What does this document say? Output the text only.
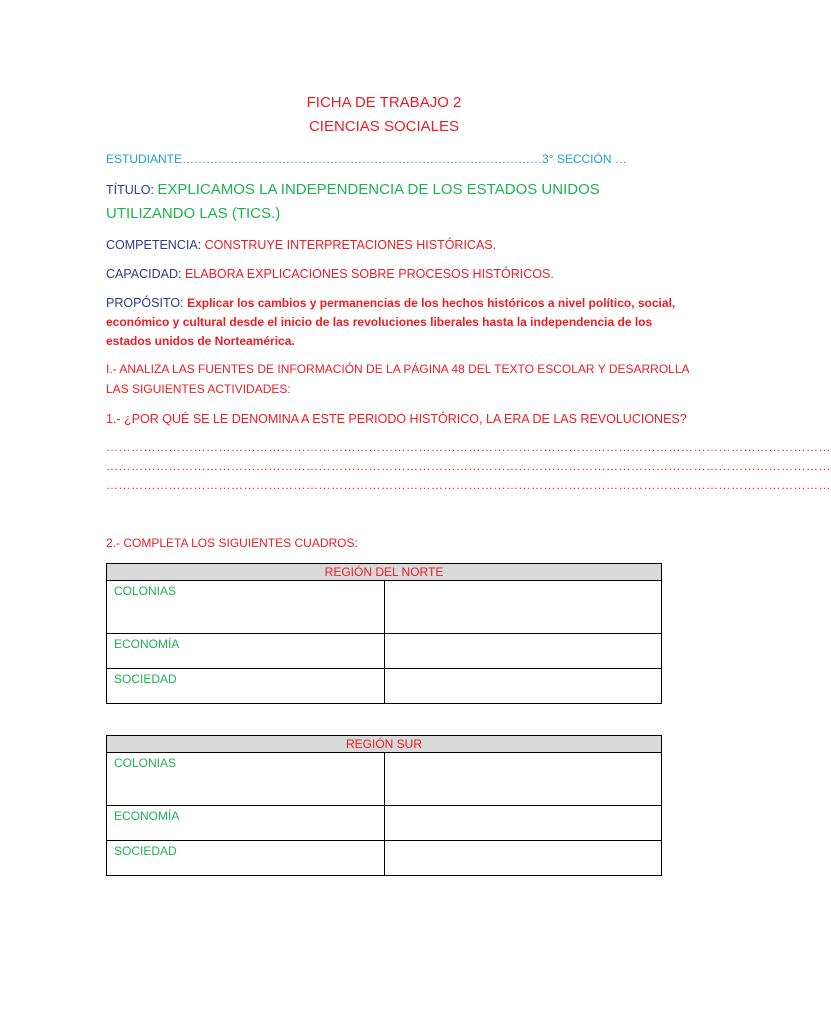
FICHA DE TRABAJO 2
CIENCIAS SOCIALES
ESTUDIANTE………………………………………………………………………………3° SECCIÓN …
TÍTULO: EXPLICAMOS LA INDEPENDENCIA DE LOS ESTADOS UNIDOS
UTILIZANDO LAS (TICS.)
COMPETENCIA: CONSTRUYE INTERPRETACIONES HISTÓRICAS.
CAPACIDAD: ELABORA EXPLICACIONES SOBRE PROCESOS HISTÓRICOS.
PROPÓSITO: Explicar los cambios y permanencias de los hechos históricos a nivel político, social,
económico y cultural desde el inicio de las revoluciones liberales hasta la independencia de los
estados unidos de Norteamérica.
I.- ANALIZA LAS FUENTES DE INFORMACIÓN DE LA PÁGINA 48 DEL TEXTO ESCOLAR Y DESARROLLA
LAS SIGUIENTES ACTIVIDADES:
1.- ¿POR QUÉ SE LE DENOMINA A ESTE PERIODO HISTÓRICO, LA ERA DE LAS REVOLUCIONES?
…………………………………………………………………………………………………………………………………………………………
…………………………………………………………………………………………………………………………………………………………
…………………………………………………………………………………………………………………………………………………………
2.- COMPLETA LOS SIGUIENTES CUADROS:
REGIÓN DEL NORTE	
COLONIAS	
ECONOMÍA	
SOCIEDAD	
REGIÓN SUR	
COLONIAS	
ECONOMÍA	
SOCIEDAD	
